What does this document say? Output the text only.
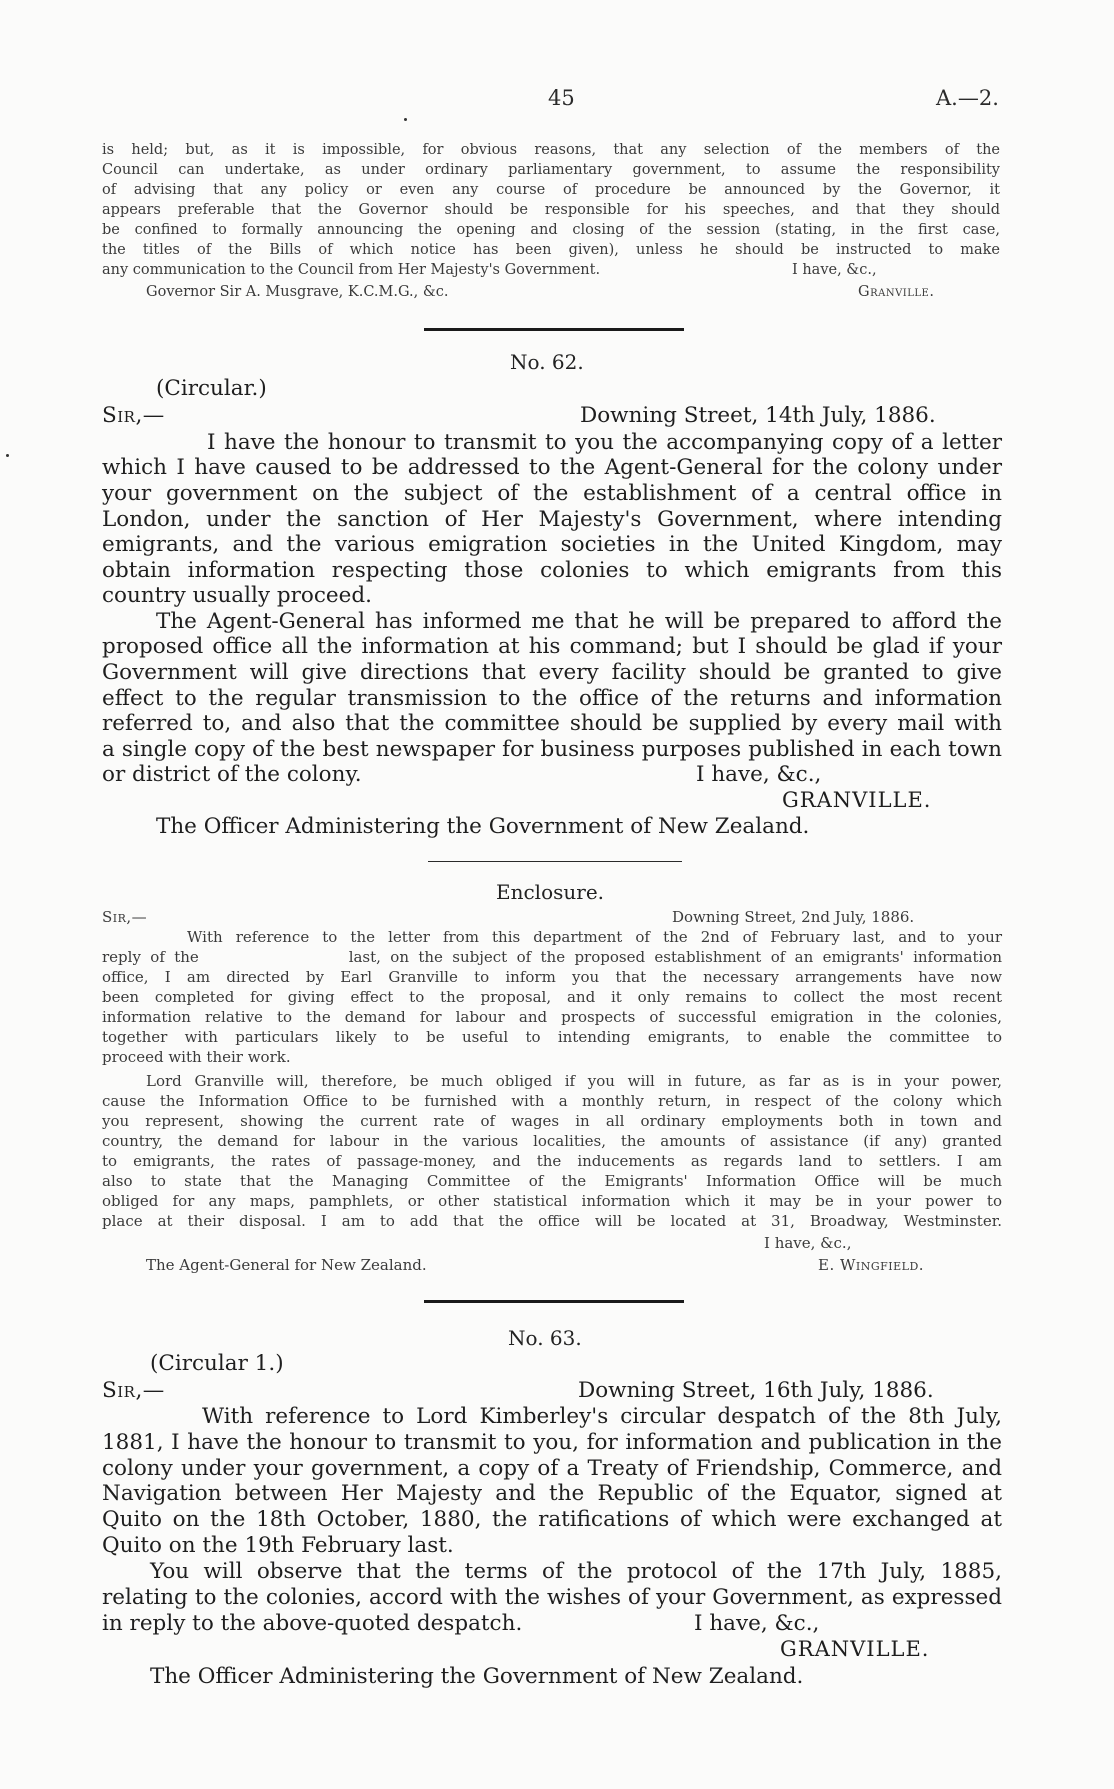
45	A.—2.

is held; but, as it is impossible, for obvious reasons, that any selection of the members of the

Council can undertake, as under ordinary parliamentary government, to assume the responsibility

of advising that any policy or even any course of procedure be announced by the Governor, it

appears preferable that the Governor should be responsible for his speeches, and that they should

be confined to formally announcing the opening and closing of the session (stating, in the first case,

the titles of the Bills of which notice has been given), unless he should be instructed to make

any communication to the Council from Her Majesty's Government.	I have, &c.,
Governor Sir A. Musgrave, K.C.M.G., &c.	Granville.
No. 62.
(Circular.)
Sir,—	Downing Street, 14th July, 1886.

I have the honour to transmit to you the accompanying copy of a letter

which I have caused to be addressed to the Agent-General for the colony under

your government on the subject of the establishment of a central office in

London, under the sanction of Her Majesty's Government, where intending

emigrants, and the various emigration societies in the United Kingdom, may

obtain information respecting those colonies to which emigrants from this

country usually proceed.

The Agent-General has informed me that he will be prepared to afford the

proposed office all the information at his command; but I should be glad if your

Government will give directions that every facility should be granted to give

effect to the regular transmission to the office of the returns and information

referred to, and also that the committee should be supplied by every mail with

a single copy of the best newspaper for business purposes published in each town

or district of the colony.	I have, &c.,
GRANVILLE.
The Officer Administering the Government of New Zealand.
Enclosure.
Sir,—	Downing Street, 2nd July, 1886.

With reference to the letter from this department of the 2nd of February last, and to your

reply of the                last, on the subject of the proposed establishment of an emigrants' information

office, I am directed by Earl Granville to inform you that the necessary arrangements have now

been completed for giving effect to the proposal, and it only remains to collect the most recent

information relative to the demand for labour and prospects of successful emigration in the colonies,

together with particulars likely to be useful to intending emigrants, to enable the committee to

proceed with their work.

Lord Granville will, therefore, be much obliged if you will in future, as far as is in your power,

cause the Information Office to be furnished with a monthly return, in respect of the colony which

you represent, showing the current rate of wages in all ordinary employments both in town and

country, the demand for labour in the various localities, the amounts of assistance (if any) granted

to emigrants, the rates of passage-money, and the inducements as regards land to settlers. I am

also to state that the Managing Committee of the Emigrants' Information Office will be much

obliged for any maps, pamphlets, or other statistical information which it may be in your power to

place at their disposal. I am to add that the office will be located at 31, Broadway, Westminster.

I have, &c.,
The Agent-General for New Zealand.	E. Wingfield.
No. 63.
(Circular 1.)
Sir,—	Downing Street, 16th July, 1886.

With reference to Lord Kimberley's circular despatch of the 8th July,

1881, I have the honour to transmit to you, for information and publication in the

colony under your government, a copy of a Treaty of Friendship, Commerce, and

Navigation between Her Majesty and the Republic of the Equator, signed at

Quito on the 18th October, 1880, the ratifications of which were exchanged at

Quito on the 19th February last.

You will observe that the terms of the protocol of the 17th July, 1885,

relating to the colonies, accord with the wishes of your Government, as expressed

in reply to the above-quoted despatch.	I have, &c.,
GRANVILLE.
The Officer Administering the Government of New Zealand.
